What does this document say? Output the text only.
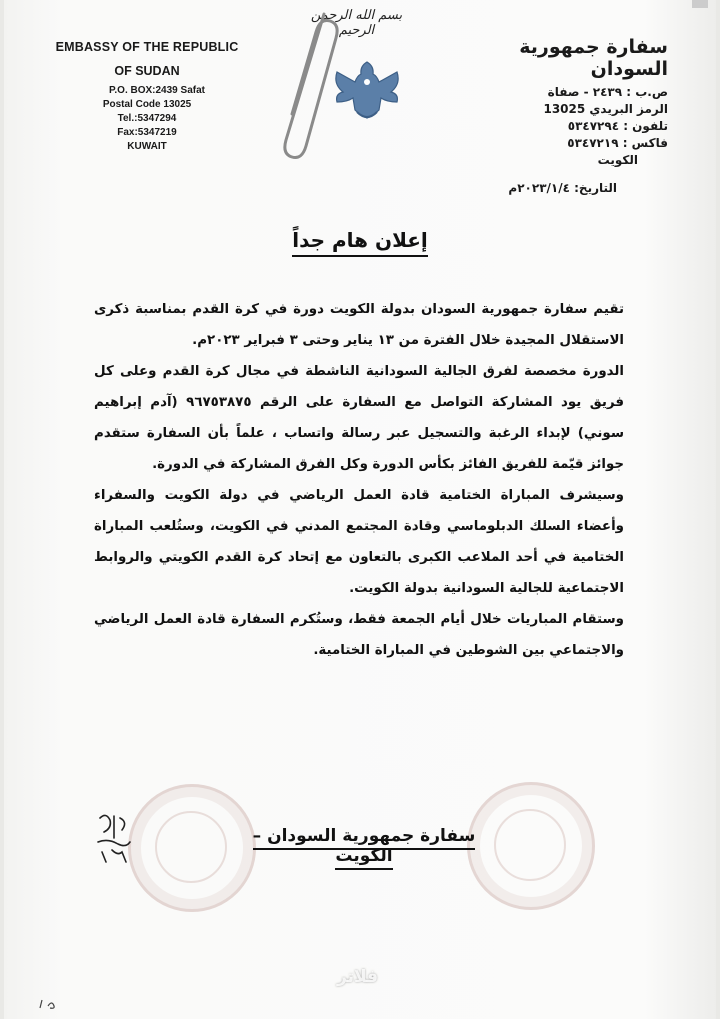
بسم الله الرحمن الرحيم
EMBASSY OF THE REPUBLIC
OF SUDAN
P.O. BOX:2439 Safat
Postal Code 13025
Tel.:5347294
Fax:5347219
KUWAIT
سفارة جمهورية السودان
ص.ب : ٢٤٣٩ - صفاة
الرمز البريدي 13025
تلفون : ٥٣٤٧٢٩٤
فاكس : ٥٣٤٧٢١٩
الكويت
التاريخ: ٢٠٢٣/١/٤م
إعلان هام جداً

تقيم سفارة جمهورية السودان بدولة الكويت دورة في كرة القدم بمناسبة ذكرى الاستقلال المجيدة خلال الفترة من ١٣ يناير وحتى ٣ فبراير ٢٠٢٣م.

الدورة مخصصة لفرق الجالية السودانية الناشطة في مجال كرة القدم وعلى كل فريق يود المشاركة التواصل مع السفارة على الرقم ٩٦٧٥٣٨٧٥ (آدم إبراهيم سوني) لإبداء الرغبة والتسجيل عبر رسالة واتساب ، علماً بأن السفارة ستقدم جوائز قيّمة للفريق الفائز بكأس الدورة وكل الفرق المشاركة في الدورة.

وسيشرف المباراة الختامية قادة العمل الرياضي في دولة الكويت والسفراء وأعضاء السلك الدبلوماسي وقادة المجتمع المدني في الكويت، وستُلعب المباراة الختامية في أحد الملاعب الكبرى بالتعاون مع إتحاد كرة القدم الكويتي والروابط الاجتماعية للجالية السودانية بدولة الكويت.

وستقام المباريات خلال أيام الجمعة فقط، وستُكرم السفارة قادة العمل الرياضي والاجتماعي بين الشوطين في المباراة الختامية.

سفارة جمهورية السودان – الكويت
فلاتر
